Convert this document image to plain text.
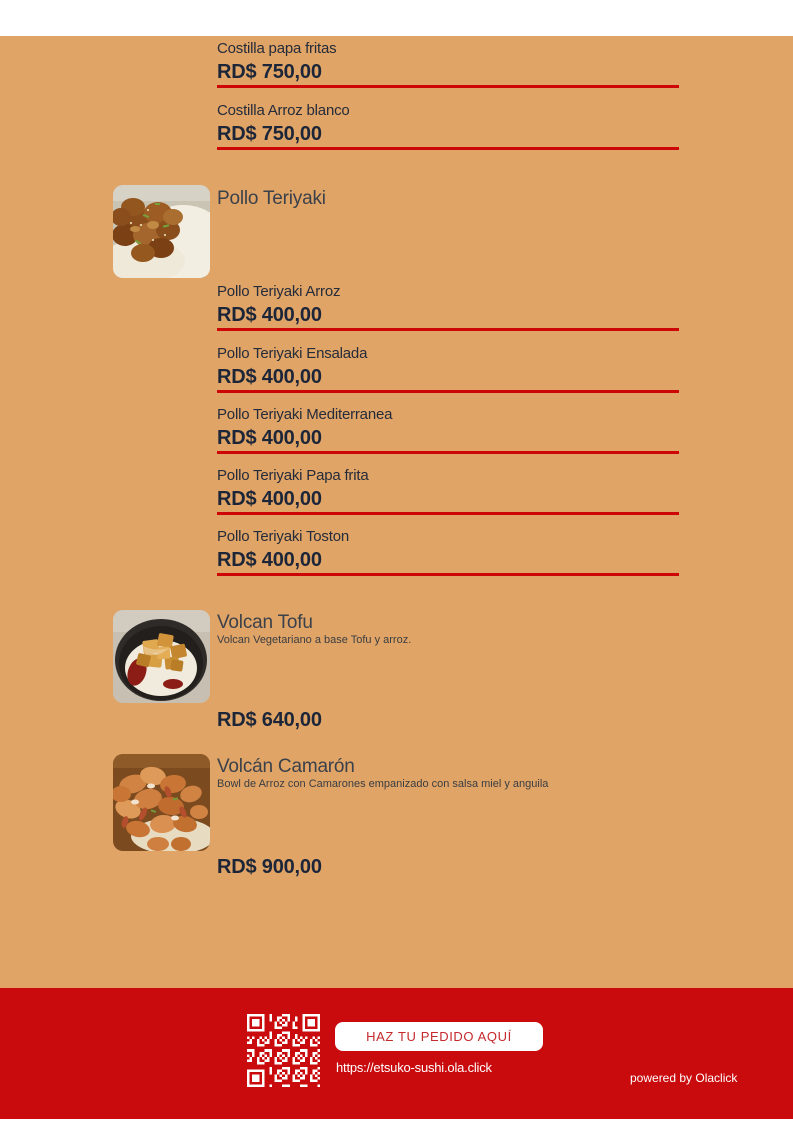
Costilla papa fritas
RD$ 750,00
Costilla Arroz blanco
RD$ 750,00
Pollo Teriyaki
Pollo Teriyaki Arroz
RD$ 400,00
Pollo Teriyaki Ensalada
RD$ 400,00
Pollo Teriyaki Mediterranea
RD$ 400,00
Pollo Teriyaki Papa frita
RD$ 400,00
Pollo Teriyaki Toston
RD$ 400,00
Volcan Tofu
Volcan Vegetariano a base Tofu y arroz.
RD$ 640,00
Volcán Camarón
Bowl de Arroz con Camarones empanizado con salsa miel y anguila
RD$ 900,00
HAZ TU PEDIDO AQUÍ
https://etsuko-sushi.ola.click
powered by Olaclick
